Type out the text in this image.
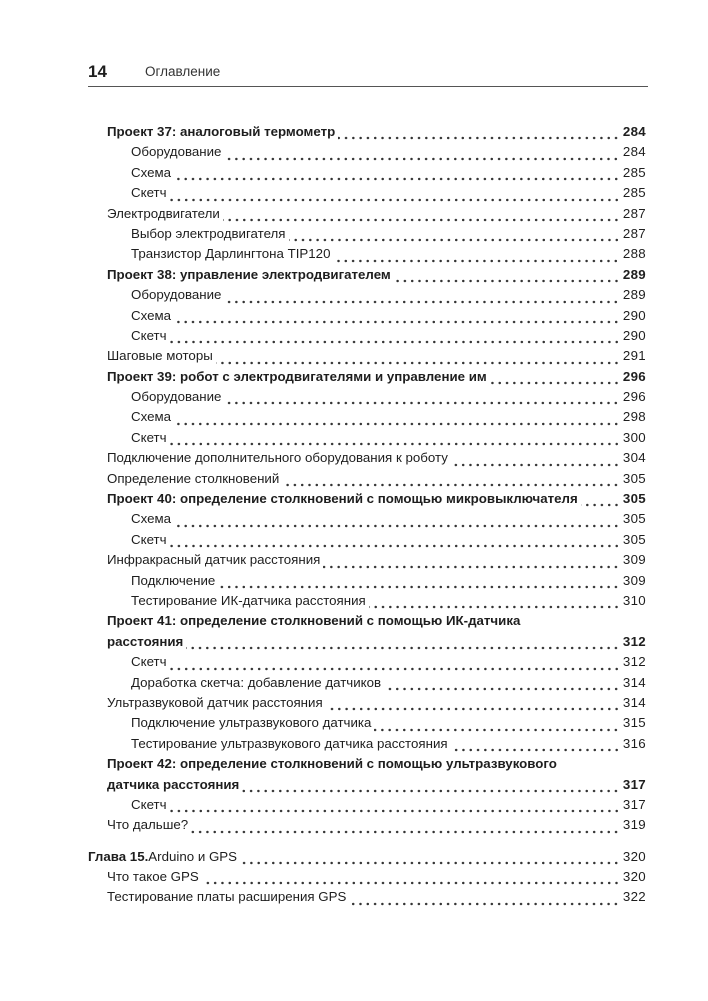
14	Оглавление
Проект 37: аналоговый термометр	284
Оборудование	284
Схема	285
Скетч	285
Электродвигатели	287
Выбор электродвигателя	287
Транзистор Дарлингтона TIP120	288
Проект 38: управление электродвигателем	289
Оборудование	289
Схема	290
Скетч	290
Шаговые моторы	291
Проект 39: робот с электродвигателями и управление им	296
Оборудование	296
Схема	298
Скетч	300
Подключение дополнительного оборудования к роботу	304
Определение столкновений	305
Проект 40: определение столкновений с помощью микровыключателя	305
Схема	305
Скетч	305
Инфракрасный датчик расстояния	309
Подключение	309
Тестирование ИК-датчика расстояния	310
Проект 41: определение столкновений с помощью ИК-датчика
расстояния	312
Скетч	312
Доработка скетча: добавление датчиков	314
Ультразвуковой датчик расстояния	314
Подключение ультразвукового датчика	315
Тестирование ультразвукового датчика расстояния	316
Проект 42: определение столкновений с помощью ультразвукового
датчика расстояния	317
Скетч	317
Что дальше?	319
Глава 15. Arduino и GPS	320
Что такое GPS	320
Тестирование платы расширения GPS	322
